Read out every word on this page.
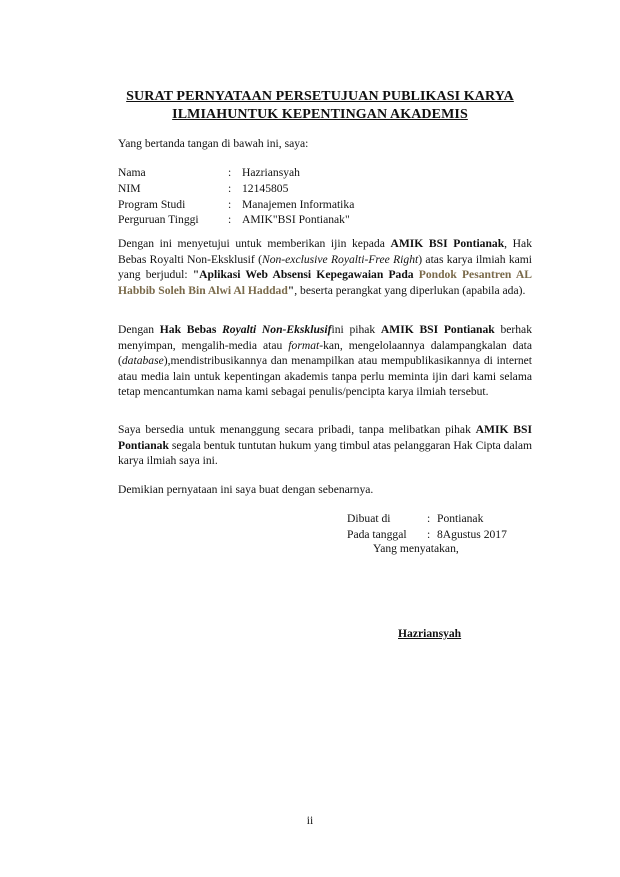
SURAT PERNYATAAN PERSETUJUAN PUBLIKASI KARYA
ILMIAHUNTUK KEPENTINGAN AKADEMIS
Yang bertanda tangan di bawah ini, saya:
Nama	: Hazriansyah
NIM	: 12145805
Program Studi	: Manajemen Informatika
Perguruan Tinggi	: AMIK"BSI Pontianak"
Dengan ini menyetujui untuk memberikan ijin kepada AMIK BSI Pontianak, Hak Bebas Royalti Non-Eksklusif (Non-exclusive Royalti-Free Right) atas karya ilmiah kami yang berjudul: "Aplikasi Web Absensi Kepegawaian Pada Pondok Pesantren AL Habbib Soleh Bin Alwi Al Haddad", beserta perangkat yang diperlukan (apabila ada).
Dengan Hak Bebas Royalti Non-Eksklusifini pihak AMIK BSI Pontianak berhak menyimpan, mengalih-media atau format-kan, mengelolaannya dalampangkalan data (database),mendistribusikannya dan menampilkan atau mempublikasikannya di internet atau media lain untuk kepentingan akademis tanpa perlu meminta ijin dari kami selama tetap mencantumkan nama kami sebagai penulis/pencipta karya ilmiah tersebut.
Saya bersedia untuk menanggung secara pribadi, tanpa melibatkan pihak AMIK BSI Pontianak segala bentuk tuntutan hukum yang timbul atas pelanggaran Hak Cipta dalam karya ilmiah saya ini.
Demikian pernyataan ini saya buat dengan sebenarnya.
Dibuat di	: Pontianak
Pada tanggal	: 8Agustus 2017
Yang menyatakan,
Hazriansyah
ii
